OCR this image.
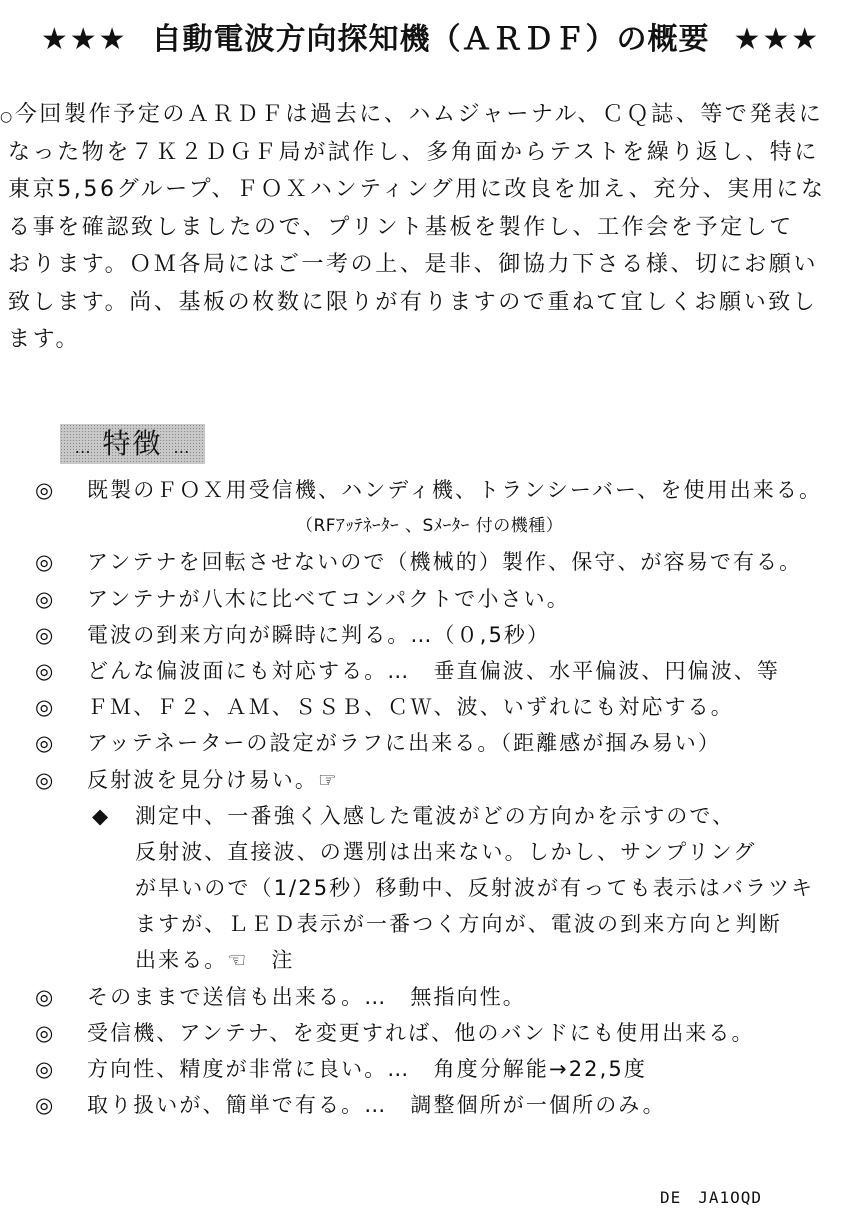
★★★ 自動電波方向探知機（ＡＲＤＦ）の概要 ★★★
○今回製作予定のＡＲＤＦは過去に、ハムジャーナル、ＣＱ誌、等で発表に
なった物を７Ｋ２ＤＧＦ局が試作し、多角面からテストを繰り返し、特に
東京5,56グループ、ＦＯＸハンティング用に改良を加え、充分、実用にな
る事を確認致しましたので、プリント基板を製作し、工作会を予定して
おります。ＯＭ各局にはご一考の上、是非、御協力下さる様、切にお願い
致します。尚、基板の枚数に限りが有りますので重ねて宜しくお願い致し
ます。
… 特徴 …
◎ 既製のＦＯＸ用受信機、ハンディ機、トランシーバー、を使用出来る。
（RFｱｯﾃﾈｰﾀｰ 、Sﾒｰﾀｰ 付の機種）
◎ アンテナを回転させないので（機械的）製作、保守、が容易で有る。
◎ アンテナが八木に比べてコンパクトで小さい。
◎ 電波の到来方向が瞬時に判る。…（０,5秒）
◎ どんな偏波面にも対応する。…　垂直偏波、水平偏波、円偏波、等
◎ ＦＭ、Ｆ２、ＡＭ、ＳＳＢ、ＣＷ、波、いずれにも対応する。
◎ アッテネーターの設定がラフに出来る。（距離感が掴み易い）
◎ 反射波を見分け易い。☞
◆ 測定中、一番強く入感した電波がどの方向かを示すので、
反射波、直接波、の選別は出来ない。しかし、サンプリング
が早いので（1/25秒）移動中、反射波が有っても表示はバラツキ
ますが、ＬＥＤ表示が一番つく方向が、電波の到来方向と判断
出来る。☜　注
◎ そのままで送信も出来る。…　無指向性。
◎ 受信機、アンテナ、を変更すれば、他のバンドにも使用出来る。
◎ 方向性、精度が非常に良い。…　角度分解能→22,5度
◎ 取り扱いが、簡単で有る。…　調整個所が一個所のみ。
DE　JA1OQD
